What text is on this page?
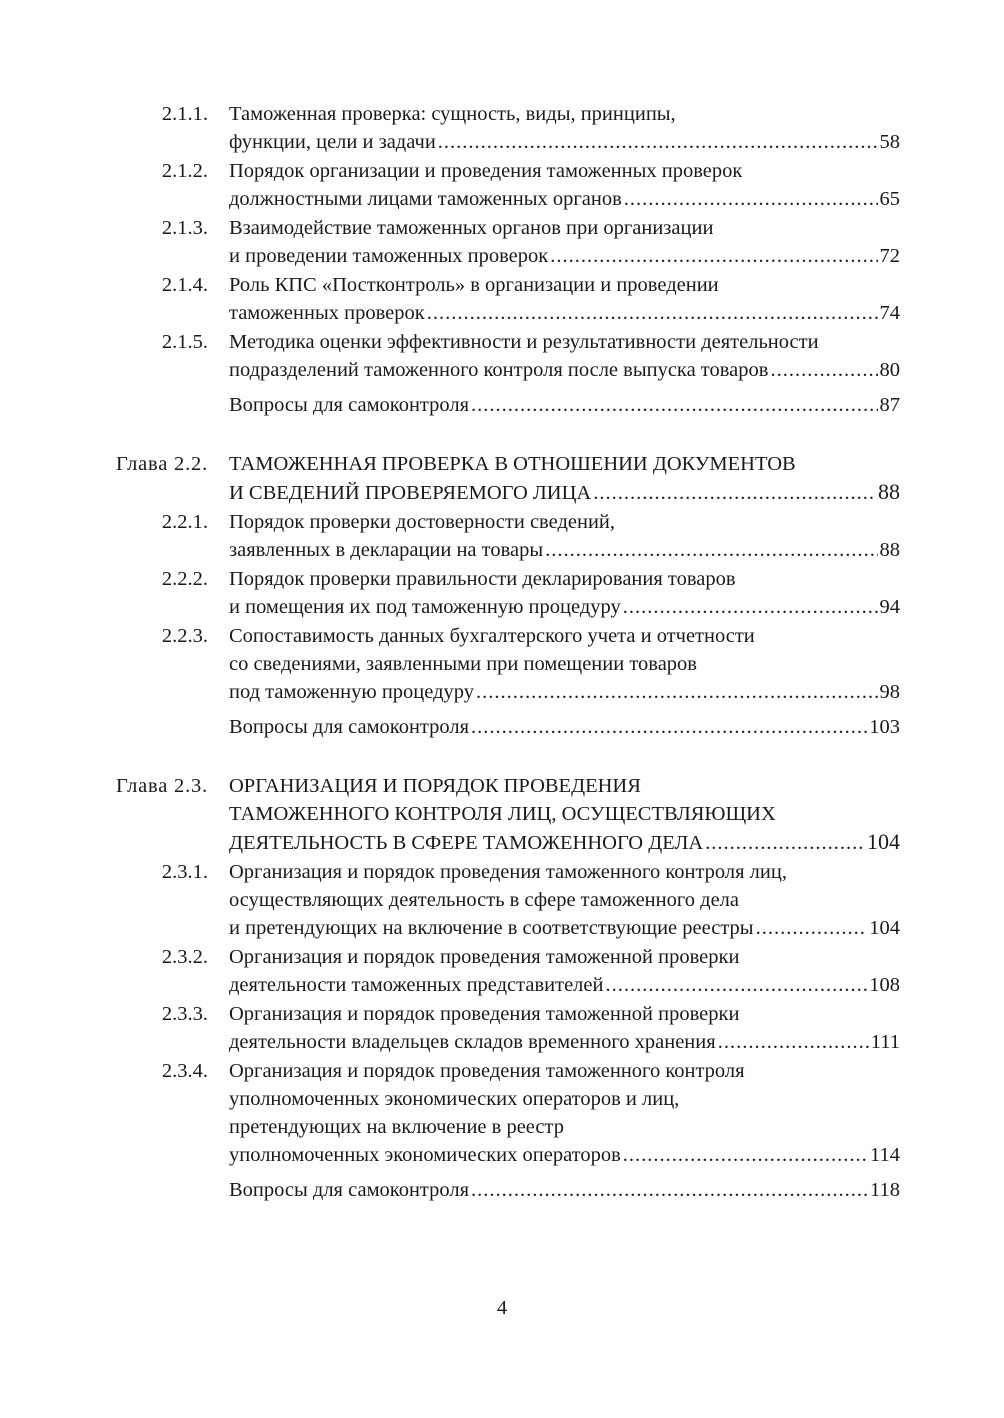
2.1.1. Таможенная проверка: сущность, виды, принципы,
функции, цели и задачи .....	58
2.1.2. Порядок организации и проведения таможенных проверок
должностными лицами таможенных органов .....	65
2.1.3. Взаимодействие таможенных органов при организации
и проведении таможенных проверок .....	72
2.1.4. Роль КПС «Постконтроль» в организации и проведении
таможенных проверок .....	74
2.1.5. Методика оценки эффективности и результативности деятельности
подразделений таможенного контроля после выпуска товаров .....	80
Вопросы для самоконтроля .....	87
Глава 2.2. ТАМОЖЕННАЯ ПРОВЕРКА В ОТНОШЕНИИ ДОКУМЕНТОВ
И СВЕДЕНИЙ ПРОВЕРЯЕМОГО ЛИЦА .....	88
2.2.1. Порядок проверки достоверности сведений,
заявленных в декларации на товары .....	88
2.2.2. Порядок проверки правильности декларирования товаров
и помещения их под таможенную процедуру .....	94
2.2.3. Сопоставимость данных бухгалтерского учета и отчетности
со сведениями, заявленными при помещении товаров
под таможенную процедуру .....	98
Вопросы для самоконтроля .....	103
Глава 2.3. ОРГАНИЗАЦИЯ И ПОРЯДОК ПРОВЕДЕНИЯ
ТАМОЖЕННОГО КОНТРОЛЯ ЛИЦ, ОСУЩЕСТВЛЯЮЩИХ
ДЕЯТЕЛЬНОСТЬ В СФЕРЕ ТАМОЖЕННОГО ДЕЛА .....	104
2.3.1. Организация и порядок проведения таможенного контроля лиц,
осуществляющих деятельность в сфере таможенного дела
и претендующих на включение в соответствующие реестры .....	104
2.3.2. Организация и порядок проведения таможенной проверки
деятельности таможенных представителей .....	108
2.3.3. Организация и порядок проведения таможенной проверки
деятельности владельцев складов временного хранения .....	111
2.3.4. Организация и порядок проведения таможенного контроля
уполномоченных экономических операторов и лиц,
претендующих на включение в реестр
уполномоченных экономических операторов .....	114
Вопросы для самоконтроля .....	118
4
